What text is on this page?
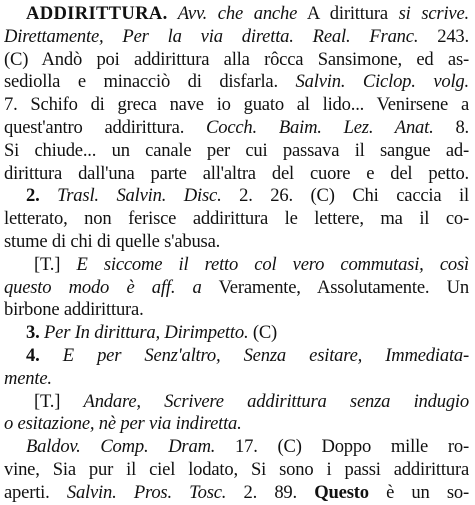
ADDIRITTURA. Avv. che anche A dirittura si scrive.
Direttamente, Per la via diretta. Real. Franc. 243.
(C) Andò poi addirittura alla rôcca Sansimone, ed as-
sediolla e minacciò di disfarla. Salvin. Ciclop. volg.
7. Schifo di greca nave io guato al lido... Venirsene a
quest'antro addirittura. Cocch. Baim. Lez. Anat. 8.
Si chiude... un canale per cui passava il sangue ad-
dirittura dall'una parte all'altra del cuore e del petto.
2. Trasl. Salvin. Disc. 2. 26. (C) Chi caccia il
letterato, non ferisce addirittura le lettere, ma il co-
stume di chi di quelle s'abusa.
[T.] E siccome il retto col vero commutasi, così
questo modo è aff. a Veramente, Assolutamente. Un
birbone addirittura.
3. Per In dirittura, Dirimpetto. (C)
4. E per Senz'altro, Senza esitare, Immediata-
mente.
[T.] Andare, Scrivere addirittura senza indugio
o esitazione, nè per via indiretta.
Baldov. Comp. Dram. 17. (C) Doppo mille ro-
vine, Sia pur il ciel lodato, Si sono i passi addirittura
aperti. Salvin. Pros. Tosc. 2. 89. Questo è un so-
